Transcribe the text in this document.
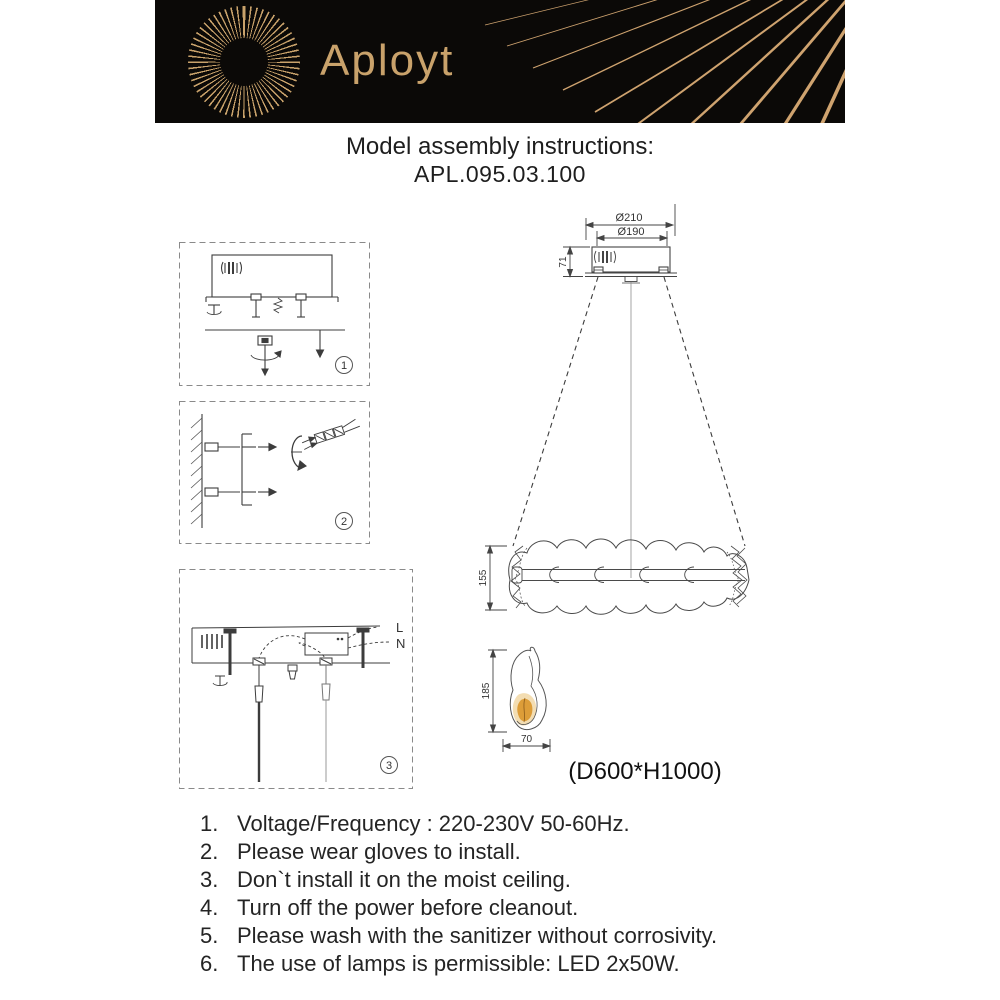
Aployt
Model assembly instructions:
APL.095.03.100
1
2
L
N
3
Ø210
Ø190
71
155
185
70
(D600*H1000)
1. Voltage/Frequency : 220-230V 50-60Hz.
2. Please wear gloves to install.
3. Don`t install it on the moist ceiling.
4. Turn off the power before cleanout.
5. Please wash with the sanitizer without corrosivity.
6. The use of lamps is permissible: LED 2x50W.
